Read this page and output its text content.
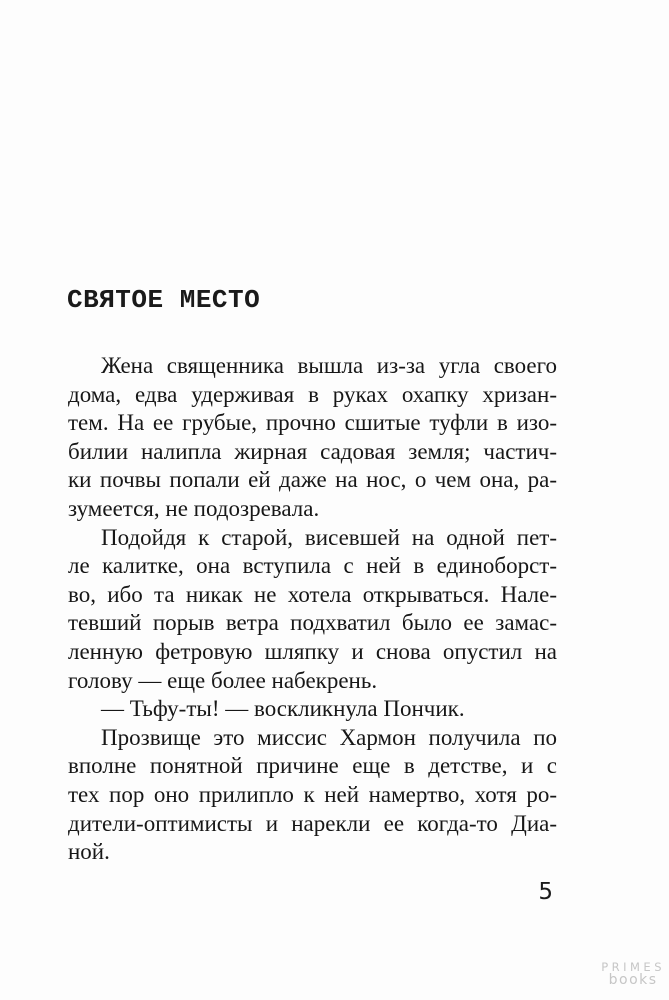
СВЯТОЕ МЕСТО
Жена священника вышла из-за угла своего
дома, едва удерживая в руках охапку хризан-
тем. На ее грубые, прочно сшитые туфли в изо-
билии налипла жирная садовая земля; частич-
ки почвы попали ей даже на нос, о чем она, ра-
зумеется, не подозревала.
Подойдя к старой, висевшей на одной пет-
ле калитке, она вступила с ней в единоборст-
во, ибо та никак не хотела открываться. Нале-
тевший порыв ветра подхватил было ее замас-
ленную фетровую шляпку и снова опустил на
голову — еще более набекрень.
— Тьфу-ты! — воскликнула Пончик.
Прозвище это миссис Хармон получила по
вполне понятной причине еще в детстве, и с
тех пор оно прилипло к ней намертво, хотя ро-
дители-оптимисты и нарекли ее когда-то Диа-
ной.
5
PRIMES
books
